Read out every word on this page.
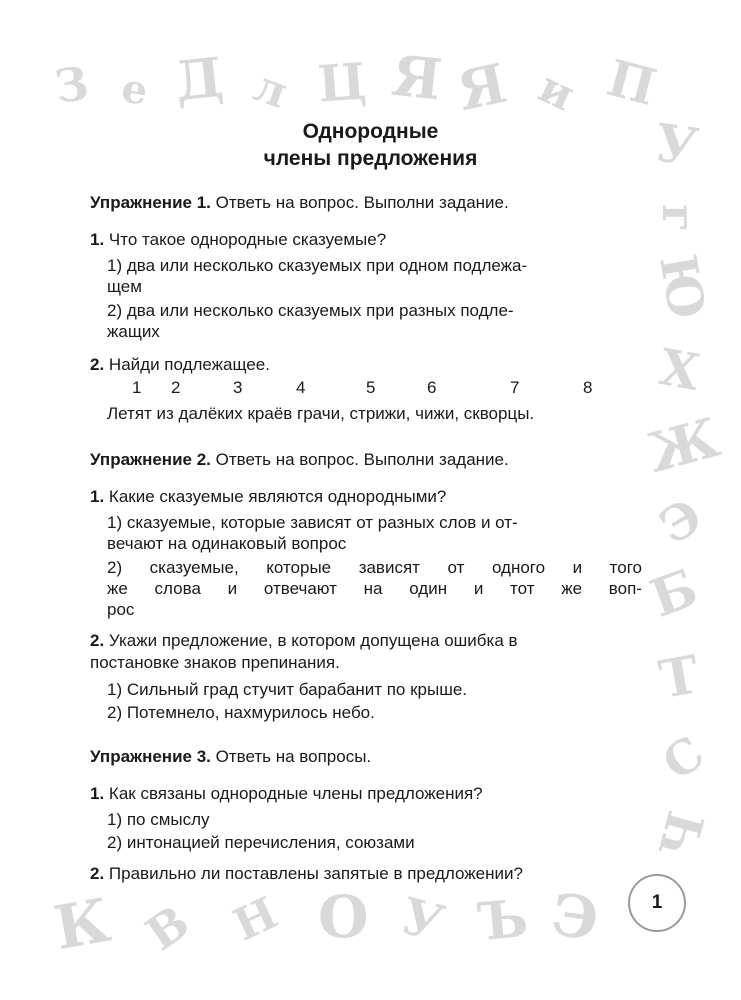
З е Д л Ц Я Я и П
У
г
Ю
Х
Ж
Э
Б
Т
С
Ч
К В Н О У Ъ Э
Однородные
члены предложения
Упражнение 1. Ответь на вопрос. Выполни задание.
1. Что такое однородные сказуемые?
1) два или несколько сказуемых при одном подлежа-
щем
2) два или несколько сказуемых при разных подле-
жащих
2. Найди подлежащее.
1 2	3	4	5	6	7	8
Летят из далёких краёв грачи, стрижи, чижи, скворцы.
Упражнение 2. Ответь на вопрос. Выполни задание.
1. Какие сказуемые являются однородными?
1) сказуемые, которые зависят от разных слов и от-
вечают на одинаковый вопрос
2) сказуемые, которые зависят от одного и того
же слова и отвечают на один и тот же воп-
рос
2. Укажи предложение, в котором допущена ошибка в
постановке знаков препинания.
1) Сильный град стучит барабанит по крыше.
2) Потемнело, нахмурилось небо.
Упражнение 3. Ответь на вопросы.
1. Как связаны однородные члены предложения?
1) по смыслу
2) интонацией перечисления, союзами
2. Правильно ли поставлены запятые в предложении?
1
